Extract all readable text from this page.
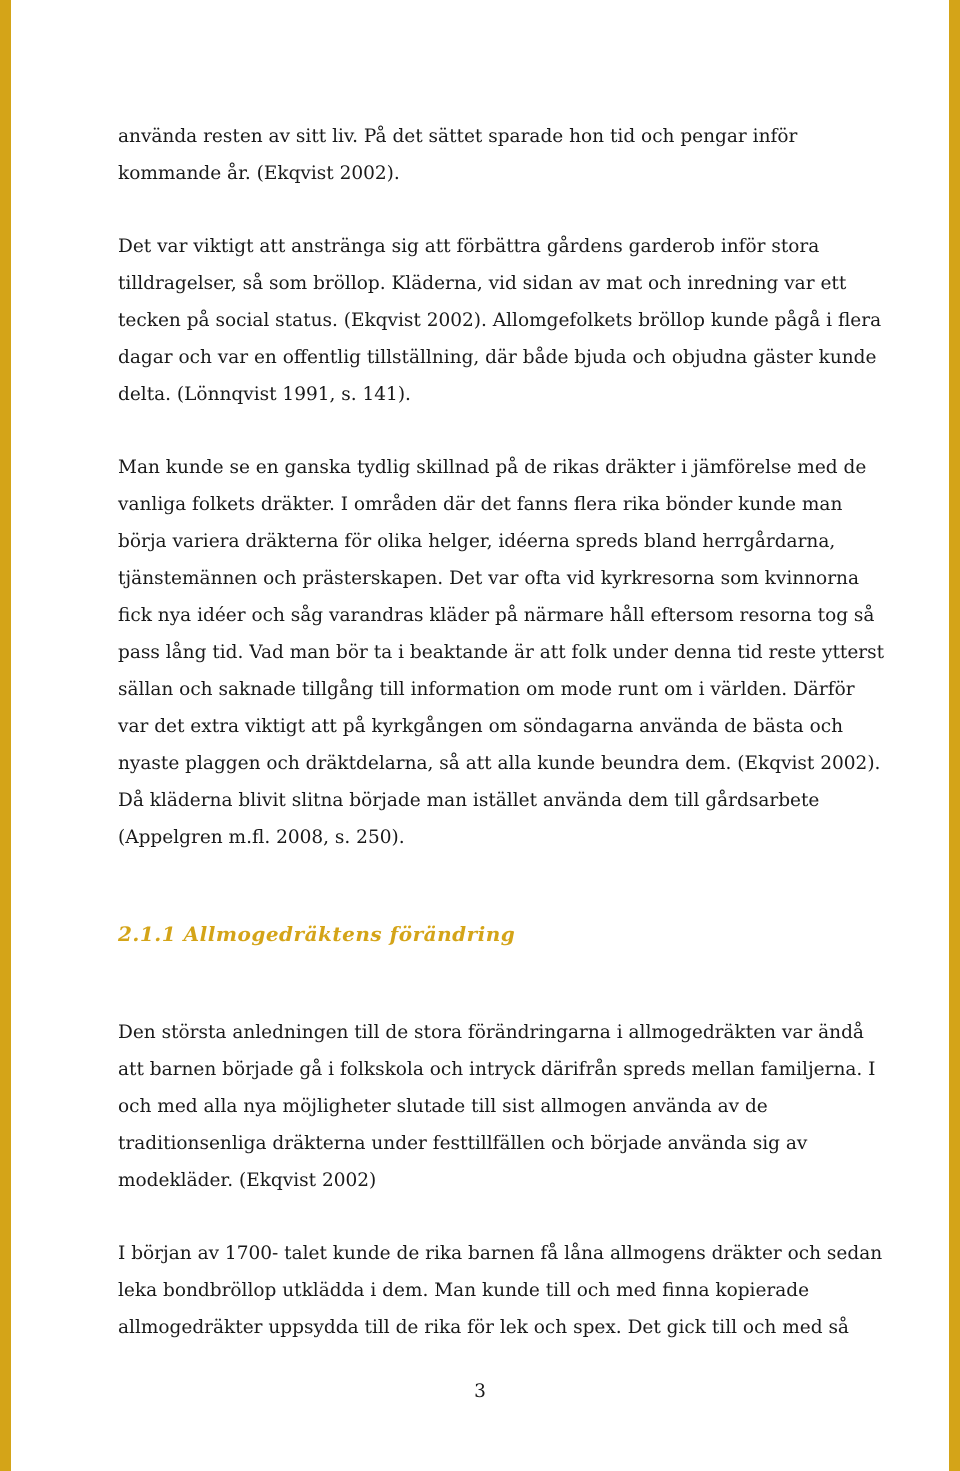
använda resten av sitt liv. På det sättet sparade hon tid och pengar inför
kommande år. (Ekqvist 2002).
Det var viktigt att anstränga sig att förbättra gårdens garderob inför stora
tilldragelser, så som bröllop. Kläderna, vid sidan av mat och inredning var ett
tecken på social status. (Ekqvist 2002). Allomgefolkets bröllop kunde pågå i flera
dagar och var en offentlig tillställning, där både bjuda och objudna gäster kunde
delta. (Lönnqvist 1991, s. 141).
Man kunde se en ganska tydlig skillnad på de rikas dräkter i jämförelse med de
vanliga folkets dräkter. I områden där det fanns flera rika bönder kunde man
börja variera dräkterna för olika helger, idéerna spreds bland herrgårdarna,
tjänstemännen och prästerskapen. Det var ofta vid kyrkresorna som kvinnorna
fick nya idéer och såg varandras kläder på närmare håll eftersom resorna tog så
pass lång tid. Vad man bör ta i beaktande är att folk under denna tid reste ytterst
sällan och saknade tillgång till information om mode runt om i världen. Därför
var det extra viktigt att på kyrkgången om söndagarna använda de bästa och
nyaste plaggen och dräktdelarna, så att alla kunde beundra dem. (Ekqvist 2002).
Då kläderna blivit slitna började man istället använda dem till gårdsarbete
(Appelgren m.fl. 2008, s. 250).
2.1.1 Allmogedräktens förändring
Den största anledningen till de stora förändringarna i allmogedräkten var ändå
att barnen började gå i folkskola och intryck därifrån spreds mellan familjerna. I
och med alla nya möjligheter slutade till sist allmogen använda av de
traditionsenliga dräkterna under festtillfällen och började använda sig av
modekläder. (Ekqvist 2002)
I början av 1700- talet kunde de rika barnen få låna allmogens dräkter och sedan
leka bondbröllop utklädda i dem. Man kunde till och med finna kopierade
allmogedräkter uppsydda till de rika för lek och spex. Det gick till och med så
3
